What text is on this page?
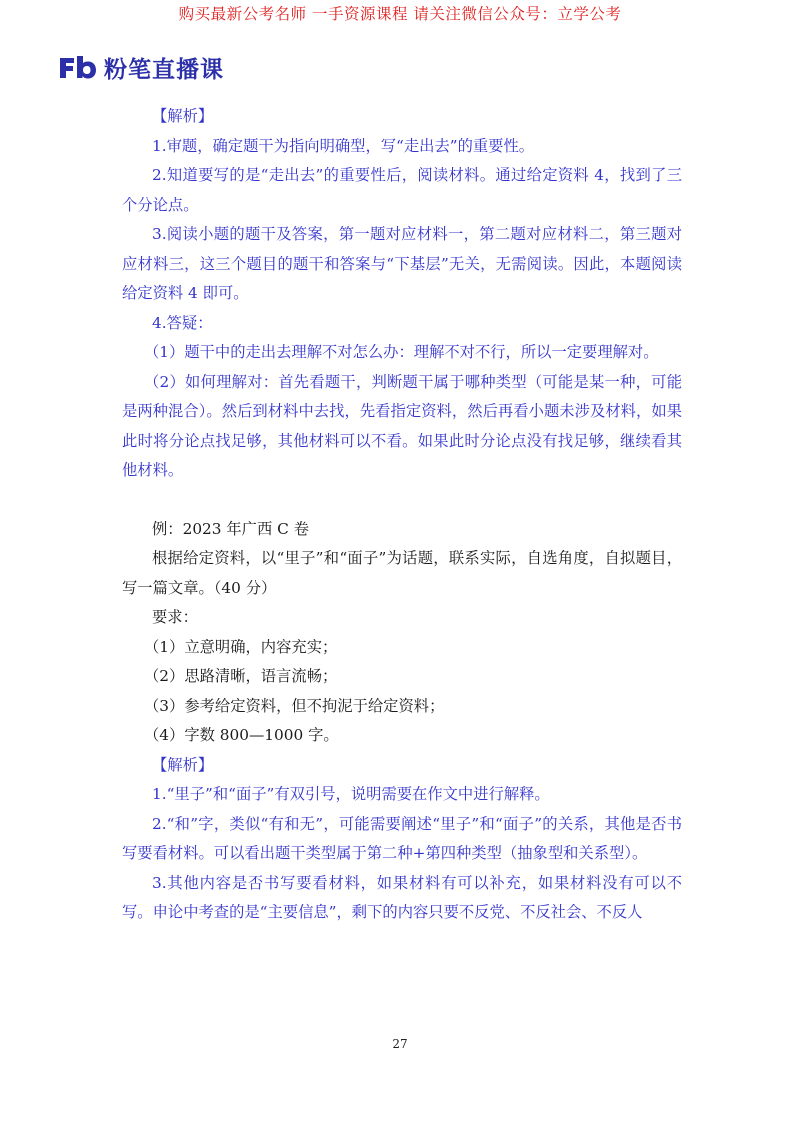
购买最新公考名师 一手资源课程 请关注微信公众号：立学公考
粉笔直播课

【解析】

1.审题，确定题干为指向明确型，写“走出去”的重要性。

2.知道要写的是“走出去”的重要性后，阅读材料。通过给定资料 4，找到了三个分论点。

3.阅读小题的题干及答案，第一题对应材料一，第二题对应材料二，第三题对应材料三，这三个题目的题干和答案与“下基层”无关，无需阅读。因此，本题阅读给定资料 4 即可。

4.答疑：

（1）题干中的走出去理解不对怎么办：理解不对不行，所以一定要理解对。

（2）如何理解对：首先看题干，判断题干属于哪种类型（可能是某一种，可能是两种混合）。然后到材料中去找，先看指定资料，然后再看小题未涉及材料，如果此时将分论点找足够，其他材料可以不看。如果此时分论点没有找足够，继续看其他材料。

例：2023 年广西 C 卷

根据给定资料，以“里子”和“面子”为话题，联系实际，自选角度，自拟题目，写一篇文章。（40 分）

要求：

（1）立意明确，内容充实；

（2）思路清晰，语言流畅；

（3）参考给定资料，但不拘泥于给定资料；

（4）字数 800—1000 字。

【解析】

1.“里子”和“面子”有双引号，说明需要在作文中进行解释。

2.“和”字，类似“有和无”，可能需要阐述“里子”和“面子”的关系，其他是否书写要看材料。可以看出题干类型属于第二种+第四种类型（抽象型和关系型）。

3.其他内容是否书写要看材料，如果材料有可以补充，如果材料没有可以不写。申论中考查的是“主要信息”，剩下的内容只要不反党、不反社会、不反人

27
